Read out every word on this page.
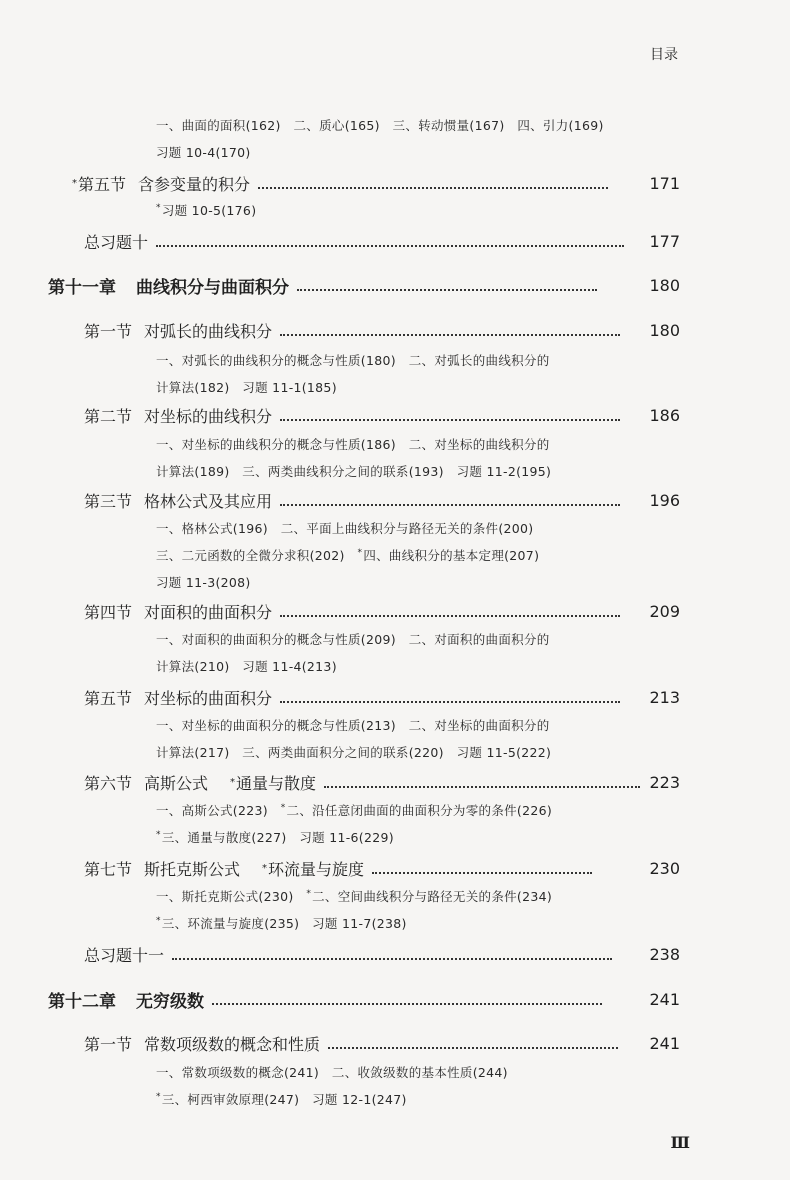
目录
一、曲面的面积(162)　二、质心(165)　三、转动惯量(167)　四、引力(169)
习题 10-4(170)
* 第五节 含参变量的积分	171
*习题 10-5(176)
总习题十	177
第十一章 曲线积分与曲面积分	180
第一节 对弧长的曲线积分	180
一、对弧长的曲线积分的概念与性质(180)　二、对弧长的曲线积分的
计算法(182)　习题 11-1(185)
第二节 对坐标的曲线积分	186
一、对坐标的曲线积分的概念与性质(186)　二、对坐标的曲线积分的
计算法(189)　三、两类曲线积分之间的联系(193)　习题 11-2(195)
第三节 格林公式及其应用	196
一、格林公式(196)　二、平面上曲线积分与路径无关的条件(200)
三、二元函数的全微分求积(202)　*四、曲线积分的基本定理(207)
习题 11-3(208)
第四节 对面积的曲面积分	209
一、对面积的曲面积分的概念与性质(209)　二、对面积的曲面积分的
计算法(210)　习题 11-4(213)
第五节 对坐标的曲面积分	213
一、对坐标的曲面积分的概念与性质(213)　二、对坐标的曲面积分的
计算法(217)　三、两类曲面积分之间的联系(220)　习题 11-5(222)
第六节 高斯公式 * 通量与散度	223
一、高斯公式(223)　*二、沿任意闭曲面的曲面积分为零的条件(226)
*三、通量与散度(227)　习题 11-6(229)
第七节 斯托克斯公式 * 环流量与旋度	230
一、斯托克斯公式(230)　*二、空间曲线积分与路径无关的条件(234)
*三、环流量与旋度(235)　习题 11-7(238)
总习题十一	238
第十二章 无穷级数	241
第一节 常数项级数的概念和性质	241
一、常数项级数的概念(241)　二、收敛级数的基本性质(244)
*三、柯西审敛原理(247)　习题 12-1(247)
Ⅲ
